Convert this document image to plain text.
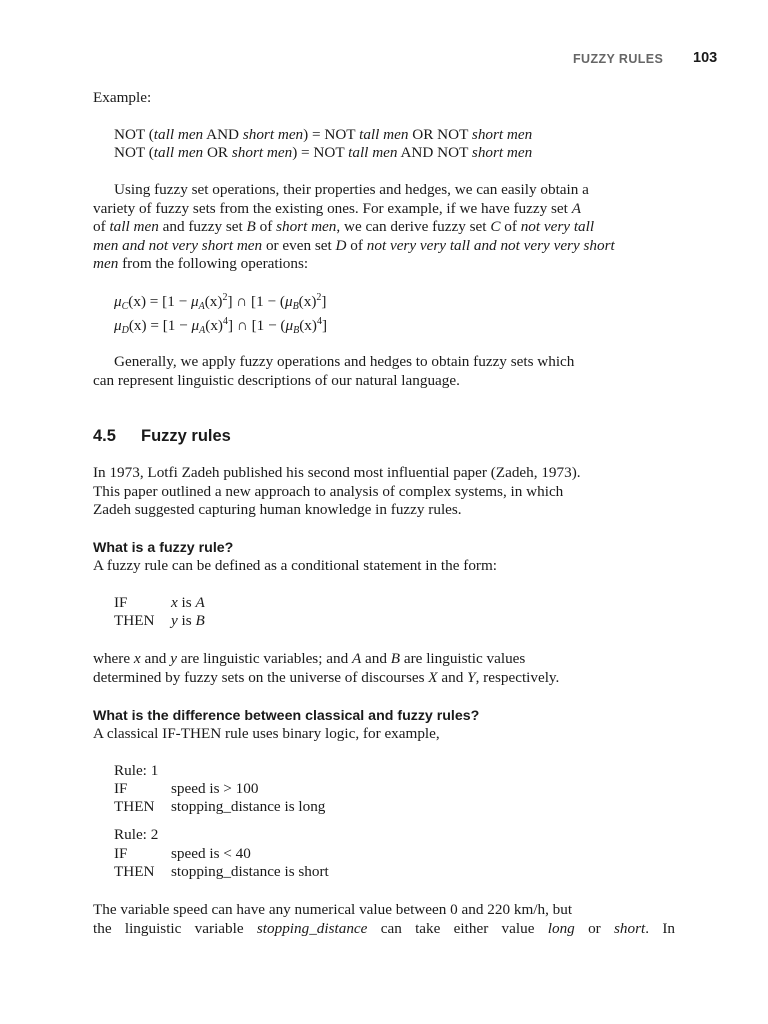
FUZZY RULES 103
Example:
NOT (tall men AND short men) = NOT tall men OR NOT short men
NOT (tall men OR short men) = NOT tall men AND NOT short men
Using fuzzy set operations, their properties and hedges, we can easily obtain a
variety of fuzzy sets from the existing ones. For example, if we have fuzzy set A
of tall men and fuzzy set B of short men, we can derive fuzzy set C of not very tall
men and not very short men or even set D of not very very tall and not very very short
men from the following operations:
$\mu_C(x) = [1 - \mu_A(x)^2]$ ∩ [$1 - (\mu_B(x)^2]$
$\mu_D(x) = [1 - \mu_A(x)^4]$ ∩ [$1 - (\mu_B(x)^4]$
Generally, we apply fuzzy operations and hedges to obtain fuzzy sets which
can represent linguistic descriptions of our natural language.
4.5 Fuzzy rules
In 1973, Lotfi Zadeh published his second most influential paper (Zadeh, 1973).
This paper outlined a new approach to analysis of complex systems, in which
Zadeh suggested capturing human knowledge in fuzzy rules.
What is a fuzzy rule?
A fuzzy rule can be defined as a conditional statement in the form:
IF	x is A
THEN y is B
where x and y are linguistic variables; and A and B are linguistic values
determined by fuzzy sets on the universe of discourses X and Y, respectively.
What is the difference between classical and fuzzy rules?
A classical IF-THEN rule uses binary logic, for example,
Rule: 1
IF	speed is > 100
THEN stopping_distance is long
Rule: 2
IF	speed is < 40
THEN stopping_distance is short
The variable speed can have any numerical value between 0 and 220 km/h, but
the linguistic variable stopping_distance can take either value long or short. In
